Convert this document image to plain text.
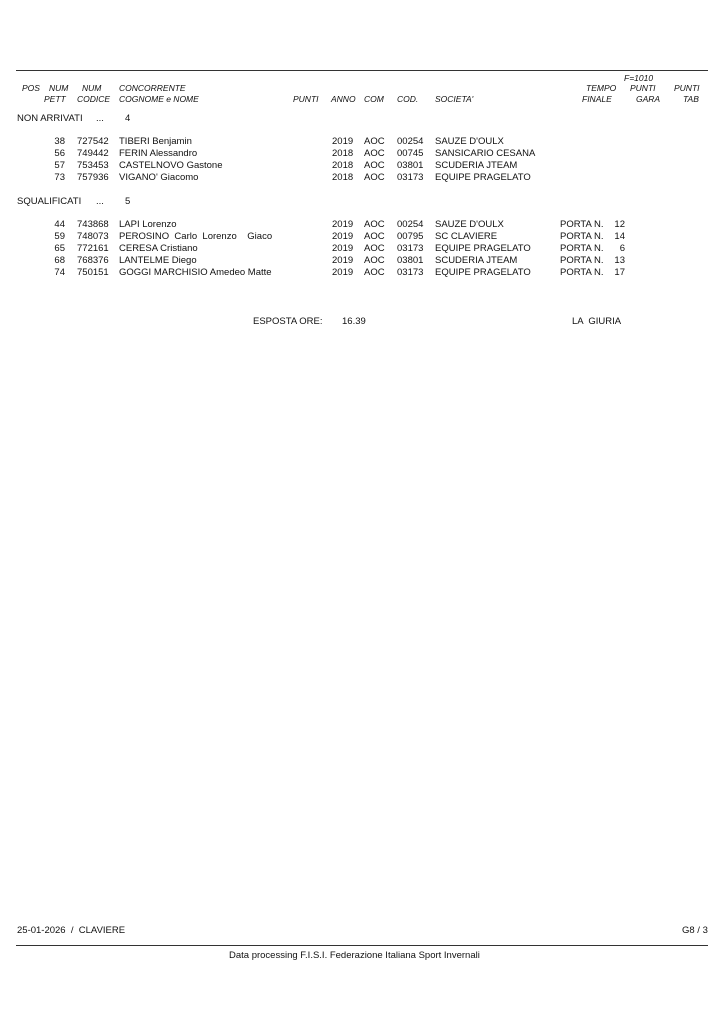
F=1010
POS NUM NUM CONCORRENTE	TEMPO PUNTI PUNTI
PETT CODICE COGNOME e NOME	PUNTI ANNO COM COD. SOCIETA'	FINALE	GARA	TAB
NON ARRIVATI ... 4
38 727542 TIBERI Benjamin	2019 AOC 00254 SAUZE D'OULX
56 749442 FERIN Alessandro	2018 AOC 00745 SANSICARIO CESANA
57 753453 CASTELNOVO Gastone	2018 AOC 03801 SCUDERIA JTEAM
73 757936 VIGANO' Giacomo	2018 AOC 03173 EQUIPE PRAGELATO
SQUALIFICATI ... 5
44 743868 LAPI Lorenzo	2019 AOC 00254 SAUZE D'OULX	PORTA N.	12
59 748073 PEROSINO  Carlo  Lorenzo    Giaco	2019 AOC 00795 SC CLAVIERE	PORTA N.	14
65 772161 CERESA Cristiano	2019 AOC 03173 EQUIPE PRAGELATO	PORTA N.	6
68 768376 LANTELME Diego	2019 AOC 03801 SCUDERIA JTEAM	PORTA N.	13
74 750151 GOGGI MARCHISIO Amedeo Matte	2019 AOC 03173 EQUIPE PRAGELATO	PORTA N.	17
ESPOSTA ORE: 16.39	LA  GIURIA
25-01-2026  /  CLAVIERE	G8 / 3
Data processing F.I.S.I. Federazione Italiana Sport Invernali
